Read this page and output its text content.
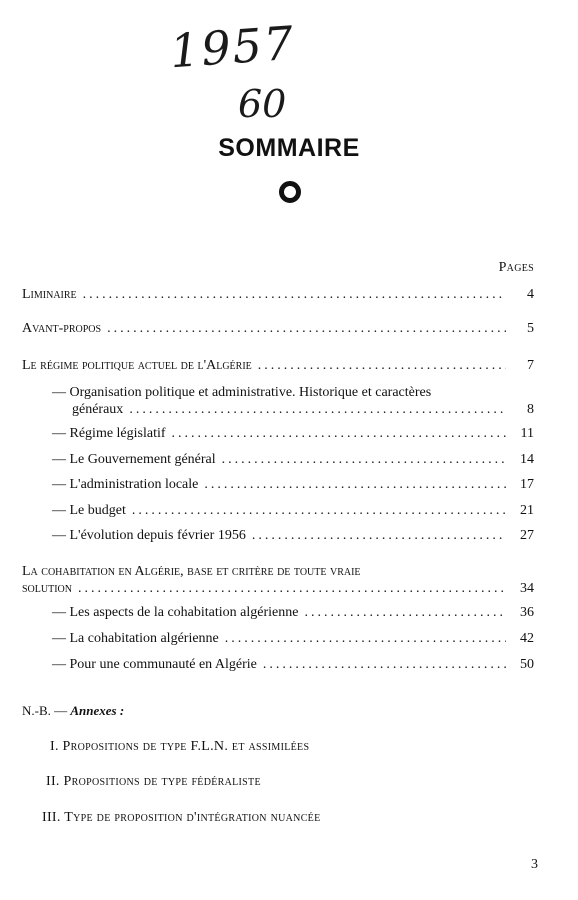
1957
60
SOMMAIRE
Pages
Liminaire .....	4
Avant-propos .....	5
Le régime politique actuel de l'Algérie .....	7
— Organisation politique et administrative. Historique et caractères
généraux .....	8
— Régime législatif .....	11
— Le Gouvernement général .....	14
— L'administration locale .....	17
— Le budget .....	21
— L'évolution depuis février 1956 .....	27
La cohabitation en Algérie, base et critère de toute vraie
solution .....	34
— Les aspects de la cohabitation algérienne .....	36
— La cohabitation algérienne .....	42
— Pour une communauté en Algérie .....	50
N.-B. — Annexes :
I. Propositions de type F.L.N. et assimilées
II. Propositions de type fédéraliste
III. Type de proposition d'intégration nuancée
3
